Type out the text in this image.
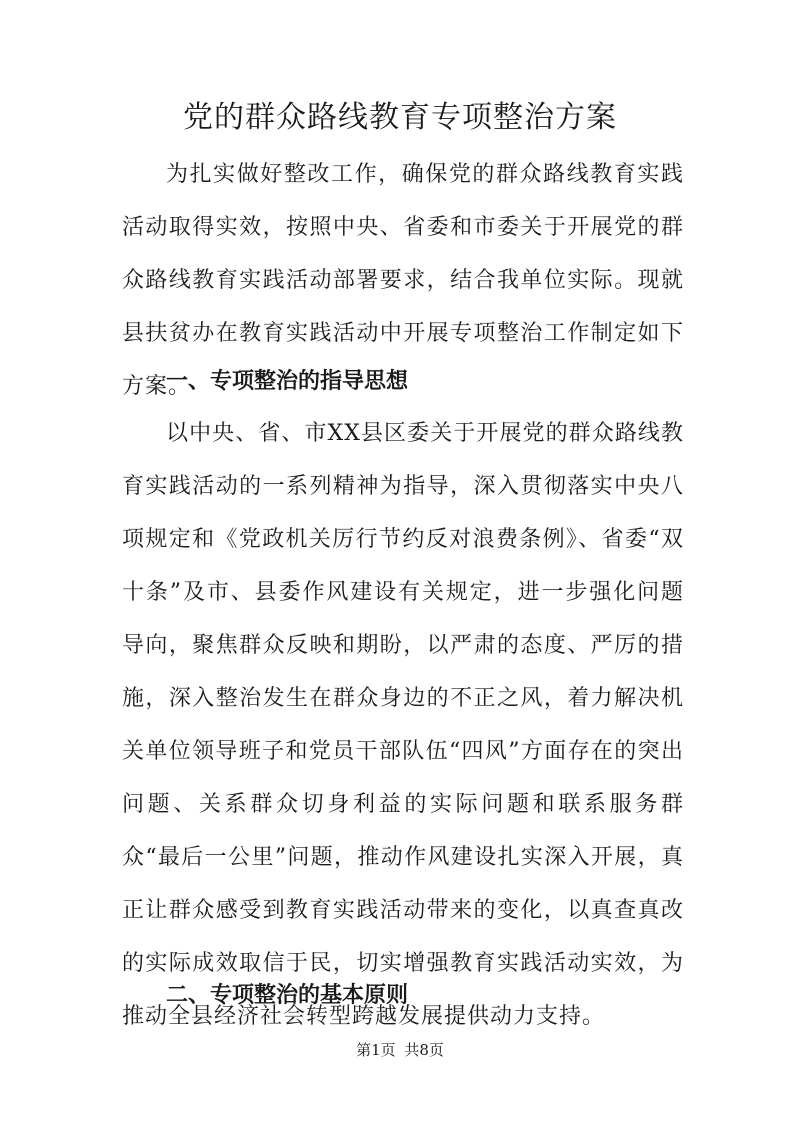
党的群众路线教育专项整治方案

为扎实做好整改工作，确保党的群众路线教育实践活动取得实效，按照中央、省委和市委关于开展党的群众路线教育实践活动部署要求，结合我单位实际。现就县扶贫办在教育实践活动中开展专项整治工作制定如下方案。

一、专项整治的指导思想

以中央、省、市XX县区委关于开展党的群众路线教育实践活动的一系列精神为指导，深入贯彻落实中央八项规定和《党政机关厉行节约反对浪费条例》、省委“双十条”及市、县委作风建设有关规定，进一步强化问题导向，聚焦群众反映和期盼，以严肃的态度、严厉的措施，深入整治发生在群众身边的不正之风，着力解决机关单位领导班子和党员干部队伍“四风”方面存在的突出问题、关系群众切身利益的实际问题和联系服务群众“最后一公里”问题，推动作风建设扎实深入开展，真正让群众感受到教育实践活动带来的变化，以真查真改的实际成效取信于民，切实增强教育实践活动实效，为推动全县经济社会转型跨越发展提供动力支持。

二、专项整治的基本原则
第1页 共8页
